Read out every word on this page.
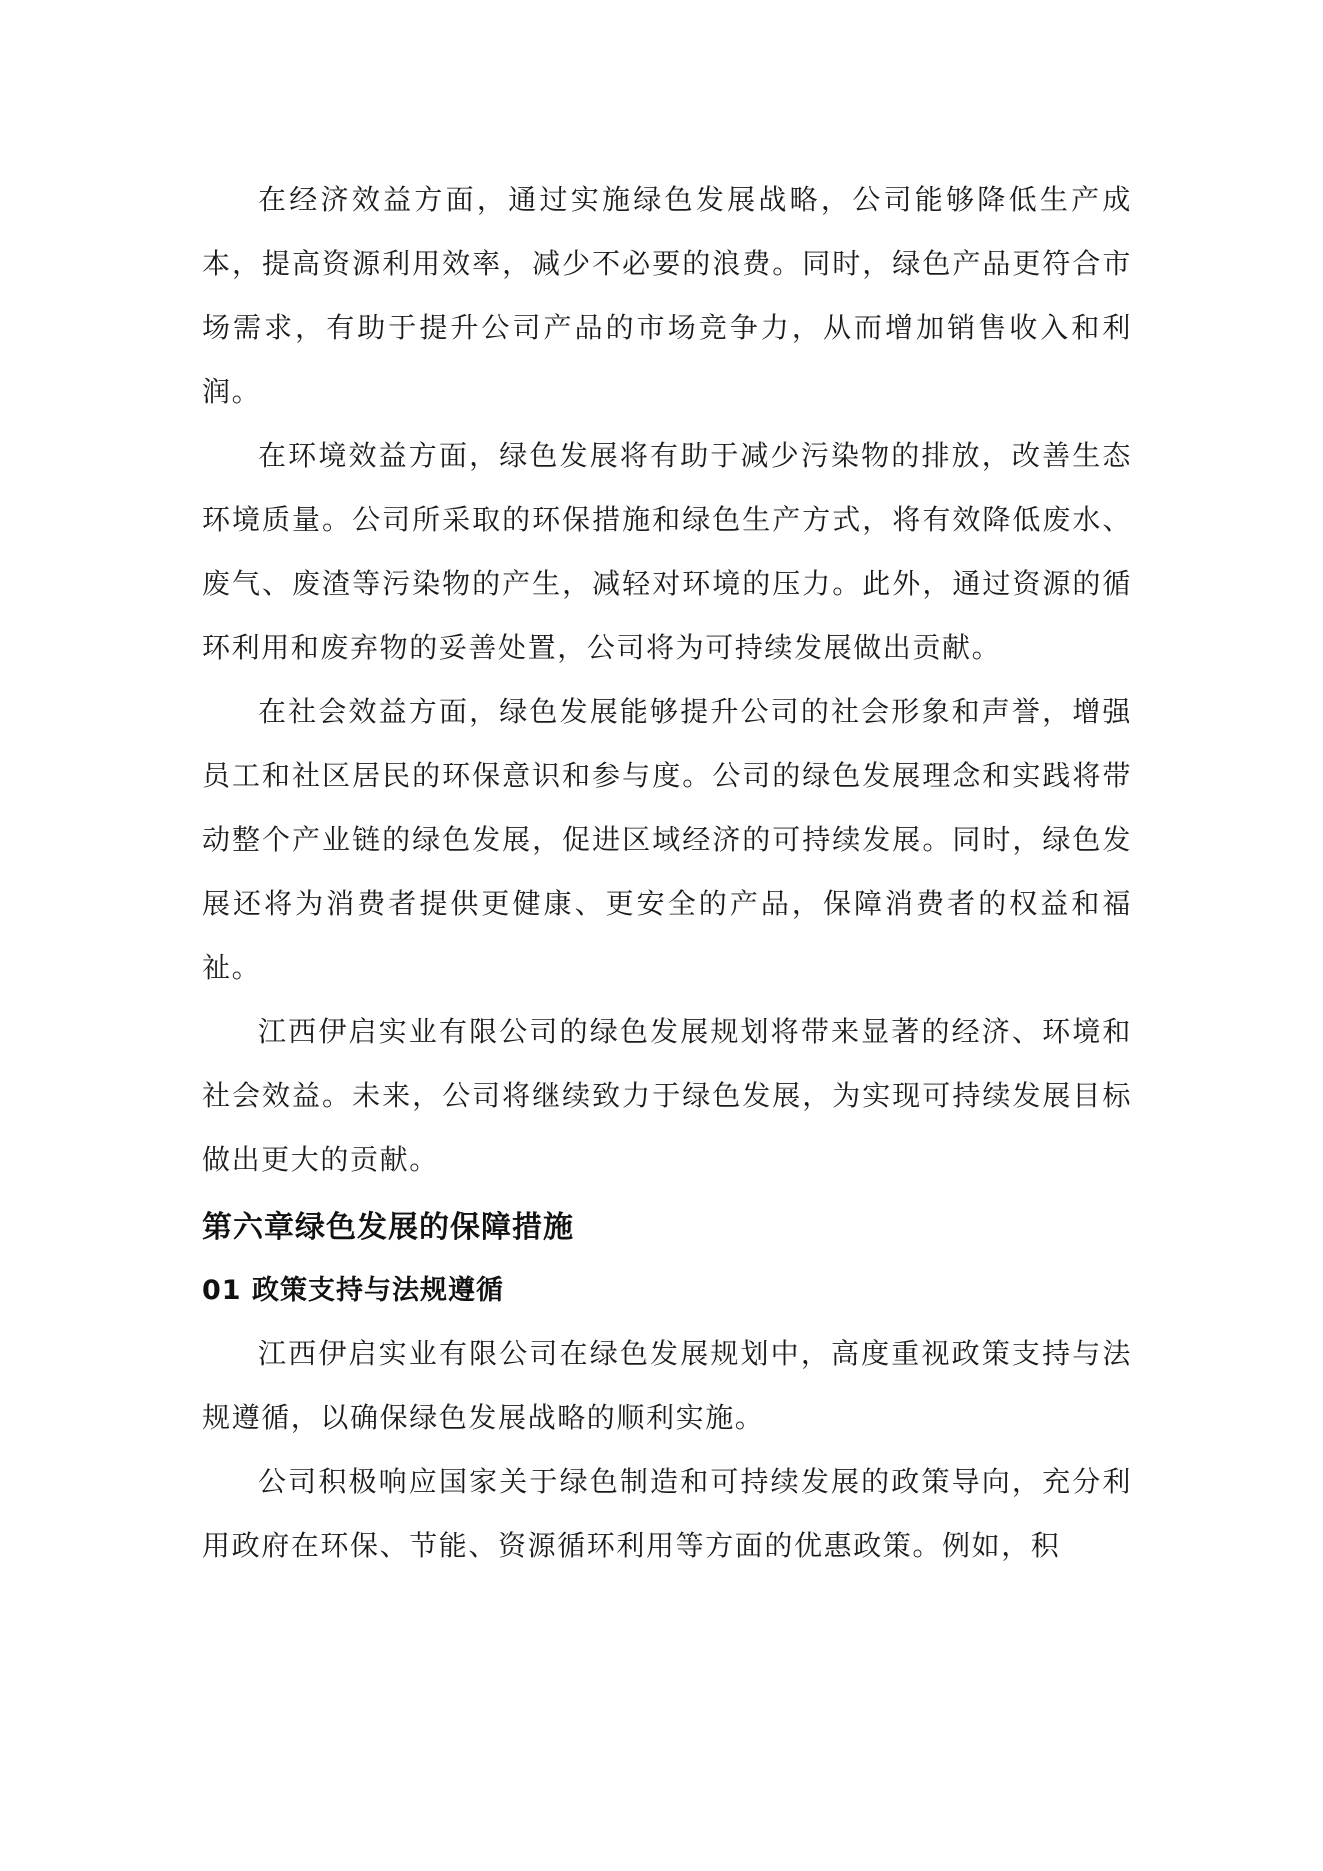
在经济效益方面，通过实施绿色发展战略，公司能够降低生产成本，提高资源利用效率，减少不必要的浪费。同时，绿色产品更符合市场需求，有助于提升公司产品的市场竞争力，从而增加销售收入和利润。

在环境效益方面，绿色发展将有助于减少污染物的排放，改善生态环境质量。公司所采取的环保措施和绿色生产方式，将有效降低废水、废气、废渣等污染物的产生，减轻对环境的压力。此外，通过资源的循环利用和废弃物的妥善处置，公司将为可持续发展做出贡献。

在社会效益方面，绿色发展能够提升公司的社会形象和声誉，增强员工和社区居民的环保意识和参与度。公司的绿色发展理念和实践将带动整个产业链的绿色发展，促进区域经济的可持续发展。同时，绿色发展还将为消费者提供更健康、更安全的产品，保障消费者的权益和福祉。

江西伊启实业有限公司的绿色发展规划将带来显著的经济、环境和社会效益。未来，公司将继续致力于绿色发展，为实现可持续发展目标做出更大的贡献。

第六章绿色发展的保障措施
01 政策支持与法规遵循

江西伊启实业有限公司在绿色发展规划中，高度重视政策支持与法规遵循，以确保绿色发展战略的顺利实施。

公司积极响应国家关于绿色制造和可持续发展的政策导向，充分利用政府在环保、节能、资源循环利用等方面的优惠政策。例如，积
